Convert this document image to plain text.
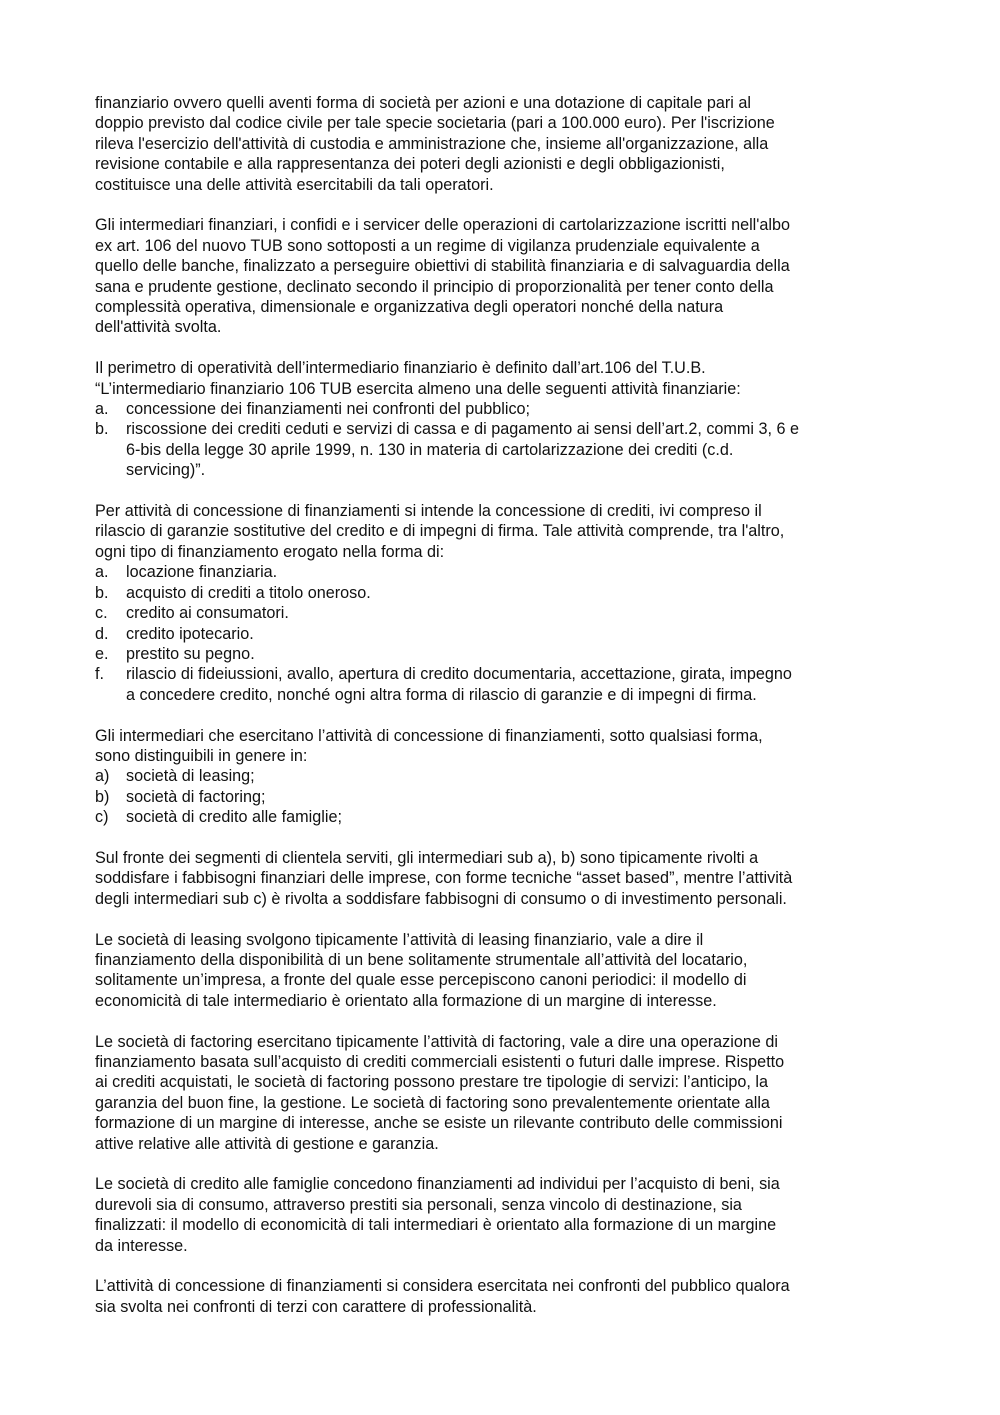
finanziario ovvero quelli aventi forma di società per azioni e una dotazione di capitale pari al
doppio previsto dal codice civile per tale specie societaria (pari a 100.000 euro). Per l'iscrizione
rileva l'esercizio dell'attività di custodia e amministrazione che, insieme all'organizzazione, alla
revisione contabile e alla rappresentanza dei poteri degli azionisti e degli obbligazionisti,
costituisce una delle attività esercitabili da tali operatori.
Gli intermediari finanziari, i confidi e i servicer delle operazioni di cartolarizzazione iscritti nell'albo
ex art. 106 del nuovo TUB sono sottoposti a un regime di vigilanza prudenziale equivalente a
quello delle banche, finalizzato a perseguire obiettivi di stabilità finanziaria e di salvaguardia della
sana e prudente gestione, declinato secondo il principio di proporzionalità per tener conto della
complessità operativa, dimensionale e organizzativa degli operatori nonché della natura
dell'attività svolta.
Il perimetro di operatività dell’intermediario finanziario è definito dall’art.106 del T.U.B.
“L’intermediario finanziario 106 TUB esercita almeno una delle seguenti attività finanziarie:
a. concessione dei finanziamenti nei confronti del pubblico;
b. riscossione dei crediti ceduti e servizi di cassa e di pagamento ai sensi dell’art.2, commi 3, 6 e
6-bis della legge 30 aprile 1999, n. 130 in materia di cartolarizzazione dei crediti (c.d.
servicing)”.
Per attività di concessione di finanziamenti si intende la concessione di crediti, ivi compreso il
rilascio di garanzie sostitutive del credito e di impegni di firma. Tale attività comprende, tra l'altro,
ogni tipo di finanziamento erogato nella forma di:
a. locazione finanziaria.
b. acquisto di crediti a titolo oneroso.
c. credito ai consumatori.
d. credito ipotecario.
e. prestito su pegno.
f. rilascio di fideiussioni, avallo, apertura di credito documentaria, accettazione, girata, impegno
a concedere credito, nonché ogni altra forma di rilascio di garanzie e di impegni di firma.
Gli intermediari che esercitano l’attività di concessione di finanziamenti, sotto qualsiasi forma,
sono distinguibili in genere in:
a) società di leasing;
b) società di factoring;
c) società di credito alle famiglie;
Sul fronte dei segmenti di clientela serviti, gli intermediari sub a), b) sono tipicamente rivolti a
soddisfare i fabbisogni finanziari delle imprese, con forme tecniche “asset based”, mentre l’attività
degli intermediari sub c) è rivolta a soddisfare fabbisogni di consumo o di investimento personali.
Le società di leasing svolgono tipicamente l’attività di leasing finanziario, vale a dire il
finanziamento della disponibilità di un bene solitamente strumentale all’attività del locatario,
solitamente un’impresa, a fronte del quale esse percepiscono canoni periodici: il modello di
economicità di tale intermediario è orientato alla formazione di un margine di interesse.
Le società di factoring esercitano tipicamente l’attività di factoring, vale a dire una operazione di
finanziamento basata sull’acquisto di crediti commerciali esistenti o futuri dalle imprese. Rispetto
ai crediti acquistati, le società di factoring possono prestare tre tipologie di servizi: l’anticipo, la
garanzia del buon fine, la gestione. Le società di factoring sono prevalentemente orientate alla
formazione di un margine di interesse, anche se esiste un rilevante contributo delle commissioni
attive relative alle attività di gestione e garanzia.
Le società di credito alle famiglie concedono finanziamenti ad individui per l’acquisto di beni, sia
durevoli sia di consumo, attraverso prestiti sia personali, senza vincolo di destinazione, sia
finalizzati: il modello di economicità di tali intermediari è orientato alla formazione di un margine
da interesse.
L’attività di concessione di finanziamenti si considera esercitata nei confronti del pubblico qualora
sia svolta nei confronti di terzi con carattere di professionalità.
